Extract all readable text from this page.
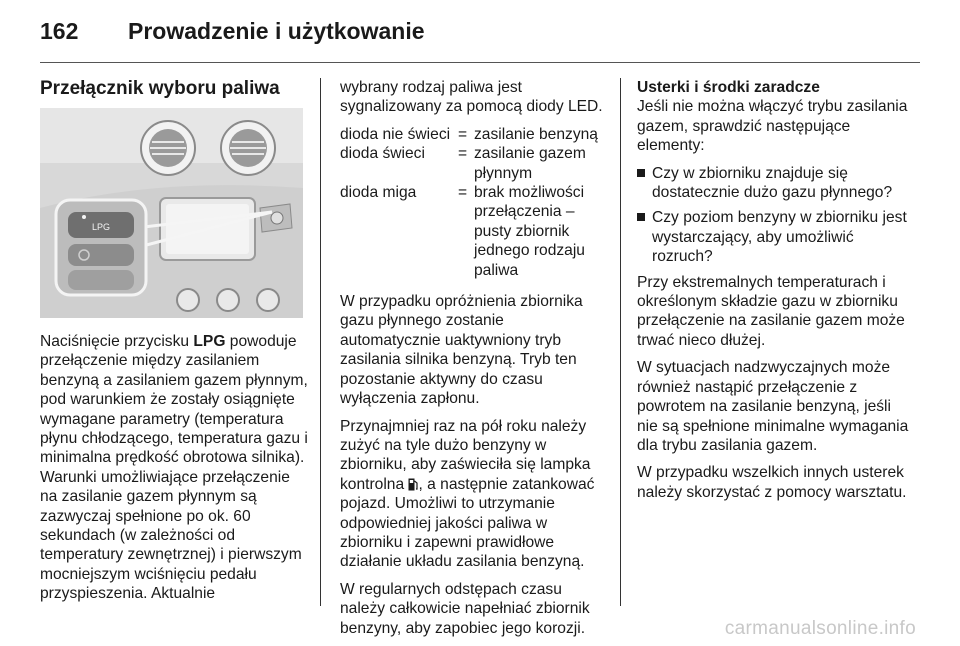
162 Prowadzenie i użytkowanie
Przełącznik wyboru paliwa
LPG

Naciśnięcie przycisku LPG powoduje przełączenie między zasilaniem benzyną a zasilaniem gazem płynnym, pod warunkiem że zostały osiągnięte wymagane parametry (temperatura płynu chłodzącego, temperatura gazu i minimalna prędkość obrotowa silnika). Warunki umożliwiające przełączenie na zasilanie gazem płynnym są zazwyczaj spełnione po ok. 60 sekundach (w zależności od temperatury zewnętrznej) i pierwszym mocniejszym wciśnięciu pedału przyspieszenia. Aktualnie

wybrany rodzaj paliwa jest sygnalizowany za pomocą diody LED.

dioda nie świeci	=	zasilanie benzyną
dioda świeci	=	zasilanie gazem płynnym
dioda miga	=	brak możliwości przełączenia – pusty zbiornik jednego rodzaju paliwa

W przypadku opróżnienia zbiornika gazu płynnego zostanie automatycznie uaktywniony tryb zasilania silnika benzyną. Tryb ten pozostanie aktywny do czasu wyłączenia zapłonu.

Przynajmniej raz na pół roku należy zużyć na tyle dużo benzyny w zbiorniku, aby zaświeciła się lampka kontrolna , a następnie zatankować pojazd. Umożliwi to utrzymanie odpowiedniej jakości paliwa w zbiorniku i zapewni prawidłowe działanie układu zasilania benzyną.

W regularnych odstępach czasu należy całkowicie napełniać zbiornik benzyny, aby zapobiec jego korozji.

Usterki i środki zaradcze

Jeśli nie można włączyć trybu zasilania gazem, sprawdzić następujące elementy:

Czy w zbiorniku znajduje się dostatecznie dużo gazu płynnego?
Czy poziom benzyny w zbiorniku jest wystarczający, aby umożliwić rozruch?

Przy ekstremalnych temperaturach i określonym składzie gazu w zbiorniku przełączenie na zasilanie gazem może trwać nieco dłużej.

W sytuacjach nadzwyczajnych może również nastąpić przełączenie z powrotem na zasilanie benzyną, jeśli nie są spełnione minimalne wymagania dla trybu zasilania gazem.

W przypadku wszelkich innych usterek należy skorzystać z pomocy warsztatu.

carmanualsonline.info
